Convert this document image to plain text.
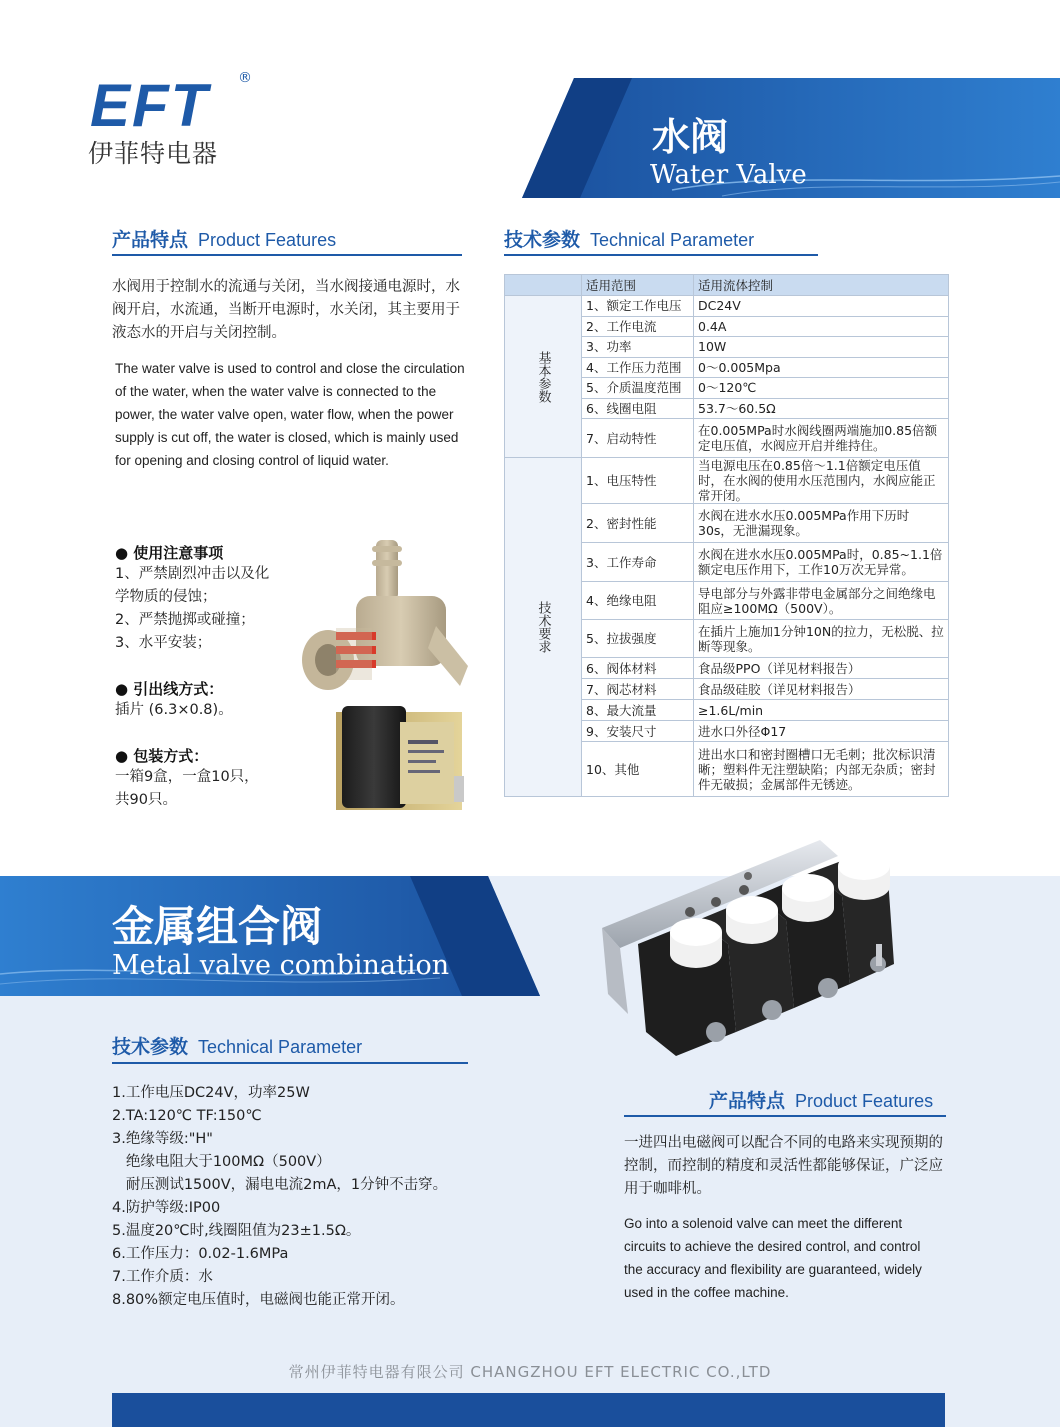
EFT ®
伊菲特电器	水阀
Water Valve
产品特点 Product Features
水阀用于控制水的流通与关闭，当水阀接通电源时，水阀开启，水流通，当断开电源时，水关闭，其主要用于液态水的开启与关闭控制。
The water valve is used to control and close the circulation of the water, when the water valve is connected to the power, the water valve open, water flow, when the power supply is cut off, the water is closed, which is mainly used for opening and closing control of liquid water.
● 使用注意事项
1、严禁剧烈冲击以及化
学物质的侵蚀；
2、严禁抛掷或碰撞；
3、水平安装；
● 引出线方式：
插片 (6.3×0.8)。
● 包装方式：
一箱9盒，一盒10只，
共90只。
技术参数 Technical Parameter
	适用范围	适用流体控制
基本参数	1、额定工作电压	DC24V
	2、工作电流	0.4A
	3、功率	10W
	4、工作压力范围	0～0.005Mpa
	5、介质温度范围	0～120℃
	6、线圈电阻	53.7～60.5Ω
	7、启动特性	在0.005MPa时水阀线圈两端施加0.85倍额定电压值，水阀应开启并维持住。
技术要求	1、电压特性	当电源电压在0.85倍～1.1倍额定电压值时，在水阀的使用水压范围内，水阀应能正常开闭。
	2、密封性能	水阀在进水水压0.005MPa作用下历时30s，无泄漏现象。
	3、工作寿命	水阀在进水水压0.005MPa时，0.85~1.1倍额定电压作用下，工作10万次无异常。
	4、绝缘电阻	导电部分与外露非带电金属部分之间绝缘电阻应≥100MΩ（500V）。
	5、拉拔强度	在插片上施加1分钟10N的拉力，无松脱、拉断等现象。
	6、阀体材料	食品级PPO（详见材料报告）
	7、阀芯材料	食品级硅胶（详见材料报告）
	8、最大流量	≥1.6L/min
	9、安装尺寸	进水口外径Φ17
	10、其他	进出水口和密封圈槽口无毛刺；批次标识清晰；塑料件无注塑缺陷；内部无杂质；密封件无破损；金属部件无锈迹。
金属组合阀
Metal valve combination
技术参数 Technical Parameter
1.工作电压DC24V，功率25W
2.TA:120℃ TF:150℃
3.绝缘等级:"H"
绝缘电阻大于100MΩ（500V）
耐压测试1500V，漏电电流2mA，1分钟不击穿。
4.防护等级:IP00
5.温度20℃时,线圈阻值为23±1.5Ω。
6.工作压力：0.02-1.6MPa
7.工作介质：水
8.80%额定电压值时，电磁阀也能正常开闭。
产品特点 Product Features
一进四出电磁阀可以配合不同的电路来实现预期的控制，而控制的精度和灵活性都能够保证，广泛应用于咖啡机。
Go into a solenoid valve can meet the different circuits to achieve the desired control, and control the accuracy and flexibility are guaranteed, widely used in the coffee machine.
常州伊菲特电器有限公司 CHANGZHOU EFT ELECTRIC CO.,LTD
